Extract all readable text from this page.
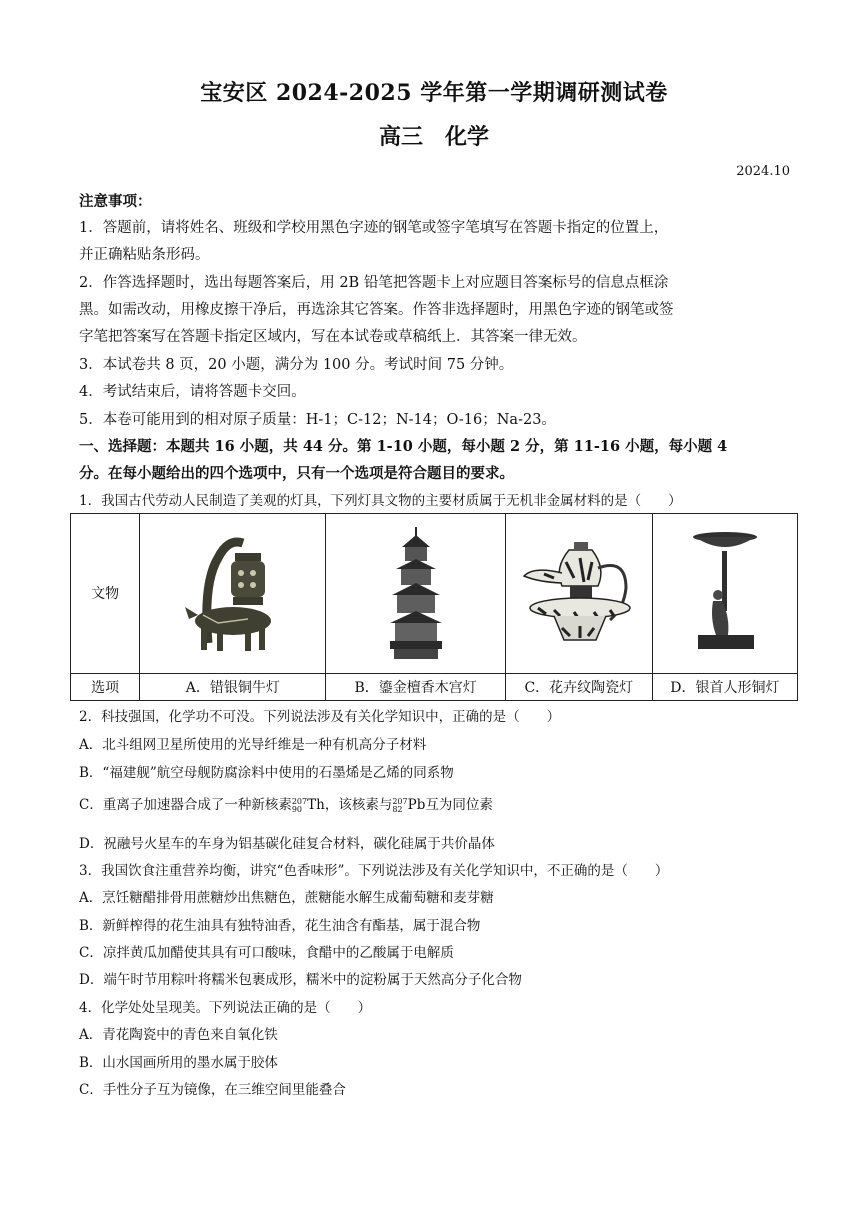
宝安区 2024-2025 学年第一学期调研测试卷
高三　化学
2024.10
注意事项：
1．答题前，请将姓名、班级和学校用黑色字迹的钢笔或签字笔填写在答题卡指定的位置上，
并正确粘贴条形码。
2．作答选择题时，选出每题答案后，用 2B 铅笔把答题卡上对应题目答案标号的信息点框涂
黑。如需改动，用橡皮擦干净后，再选涂其它答案。作答非选择题时，用黑色字迹的钢笔或签
字笔把答案写在答题卡指定区域内，写在本试卷或草稿纸上．其答案一律无效。
3．本试卷共 8 页，20 小题，满分为 100 分。考试时间 75 分钟。
4．考试结束后，请将答题卡交回。
5．本卷可能用到的相对原子质量：H-1；C-12；N-14；O-16；Na-23。
一、选择题：本题共 16 小题，共 44 分。第 1-10 小题，每小题 2 分，第 11-16 小题，每小题 4
分。在每小题给出的四个选项中，只有一个选项是符合题目的要求。
1．我国古代劳动人民制造了美观的灯具，下列灯具文物的主要材质属于无机非金属材料的是（　　）
文物	

选项	A．错银铜牛灯	B．鎏金檀香木宫灯	C．花卉纹陶瓷灯	D．银首人形铜灯
2．科技强国，化学功不可没。下列说法涉及有关化学知识中，正确的是（　　）
A．北斗组网卫星所使用的光导纤维是一种有机高分子材料
B．“福建舰”航空母舰防腐涂料中使用的石墨烯是乙烯的同系物
C．重离子加速器合成了一种新核素207
90 Th，该核素与207
82 Pb互为同位素
D．祝融号火星车的车身为铝基碳化硅复合材料，碳化硅属于共价晶体
3．我国饮食注重营养均衡，讲究“色香味形”。下列说法涉及有关化学知识中，不正确的是（　　）
A．烹饪糖醋排骨用蔗糖炒出焦糖色，蔗糖能水解生成葡萄糖和麦芽糖
B．新鲜榨得的花生油具有独特油香，花生油含有酯基，属于混合物
C．凉拌黄瓜加醋使其具有可口酸味，食醋中的乙酸属于电解质
D．端午时节用粽叶将糯米包裹成形，糯米中的淀粉属于天然高分子化合物
4．化学处处呈现美。下列说法正确的是（　　）
A．青花陶瓷中的青色来自氧化铁
B．山水国画所用的墨水属于胶体
C．手性分子互为镜像，在三维空间里能叠合
